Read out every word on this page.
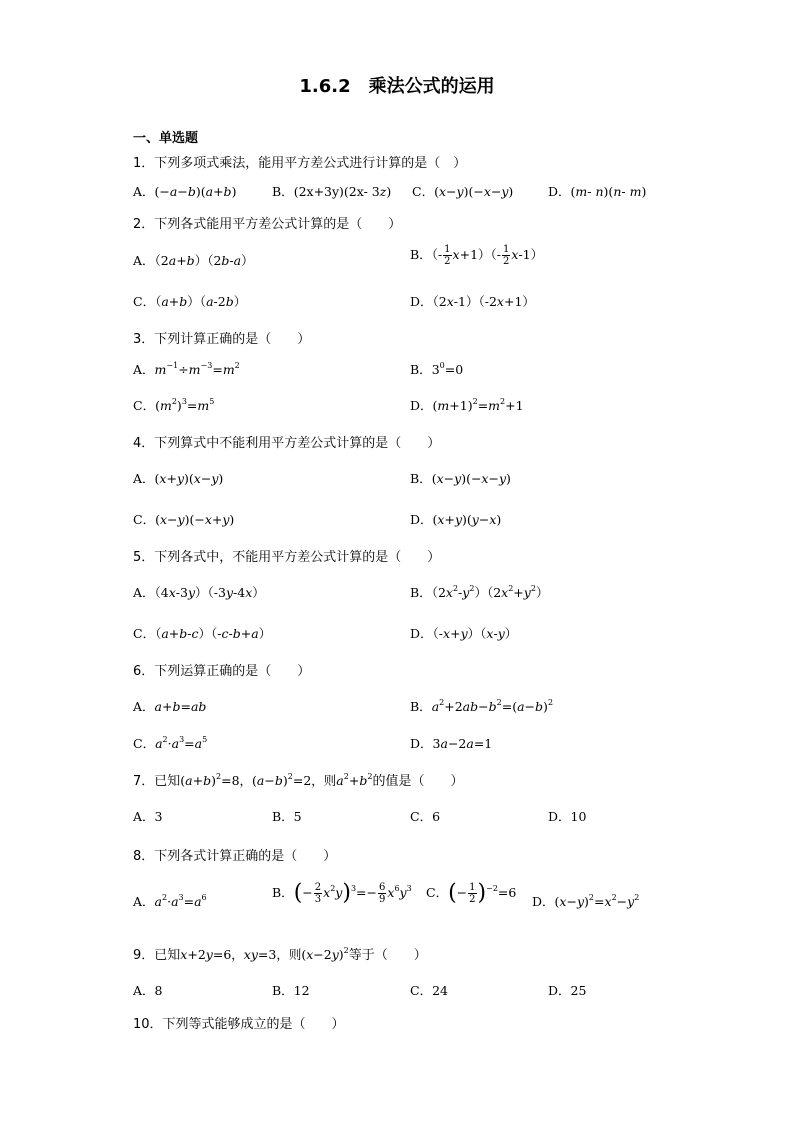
1.6.2　乘法公式的运用
一、单选题
1．下列多项式乘法，能用平方差公式进行计算的是（　）
A．(−a−b)(a+b)	B．(2x+3y)(2x- 3z) C．(x−y)(−x−y)	D．(m- n)(n- m)
2．下列各式能用平方差公式计算的是（　　）
A．（2a+b）（2b-a）	B．（- $\frac{1}{2} x+1)(- \frac{1}{2} x-1)$
C．（a+b）（a-2b）	D．（2x-1）（-2x+1）
3．下列计算正确的是（　　）
A．$m^{-1}\div m^{-3}=m^2$	B．$3^0=0$
C．$(m^2)^3=m^5$	D．$(m+1)^2=m^2+1$
4．下列算式中不能利用平方差公式计算的是（　　）
A．(x+y)(x−y)	B．(x−y)(−x−y)
C．(x−y)(−x+y)	D．(x+y)(y−x)
5．下列各式中，不能用平方差公式计算的是（　　）
A．（4x-3y）（-3y-4x）	B．$(2x^2-y^2)(2x^2+y^2)$
C．（a+b-c）（-c-b+a）	D．（-x+y）（x-y）
6．下列运算正确的是（　　）
A．a+b=ab	B．$a^2+2ab-b^2=(a-b)^2$
C．$a^2\cdot a^3=a^5$	D．3a−2a=1
7．已知$(a+b)^2=8$，$(a-b)^2=2$，则$a^2+b^2$的值是（　　）
A．3	B．5	C．6	D．10
8．下列各式计算正确的是（　　）
A．$a^2\cdot a^3=a^6$	B．(− $\frac{2}{3} x^2y)^3=- \frac{6}{9} x^6y^3$ C．(− $\frac{1}{2} )^{-2}=6$
D．$(x-y)^2=x^2-y^2$
9．已知x+2y=6，xy=3，则$(x-2y)^2$等于（　　）
A．8	B．12	C．24	D．25
10．下列等式能够成立的是（　　）
